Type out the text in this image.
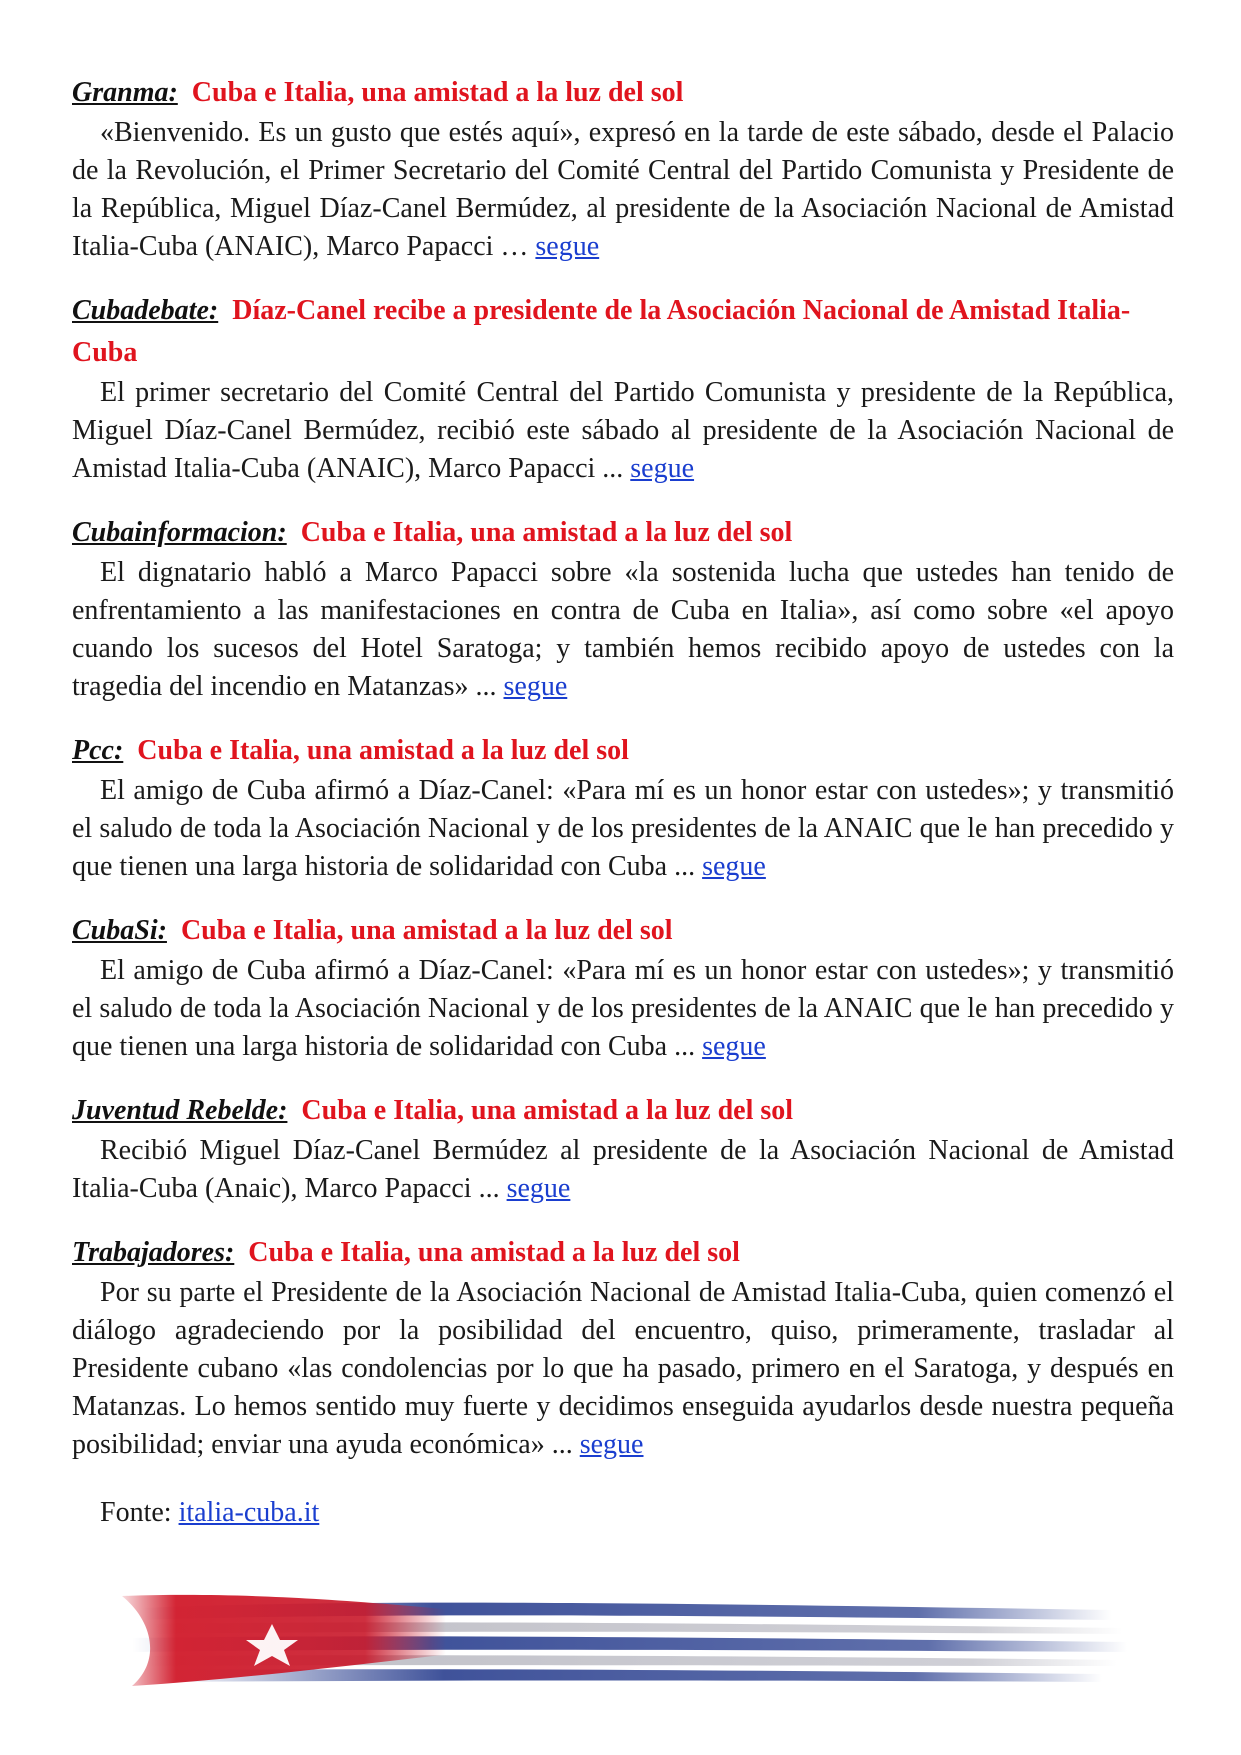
Granma: Cuba e Italia, una amistad a la luz del sol

«Bienvenido. Es un gusto que estés aquí», expresó en la tarde de este sábado, desde el Palacio de la Revolución, el Primer Secretario del Comité Central del Partido Comunista y Presidente de la República, Miguel Díaz-Canel Bermúdez, al presidente de la Asociación Nacional de Amistad Italia-Cuba (ANAIC), Marco Papacci … segue

Cubadebate: Díaz-Canel recibe a presidente de la Asociación Nacional de Amistad Italia-Cuba

El primer secretario del Comité Central del Partido Comunista y presidente de la República, Miguel Díaz-Canel Bermúdez, recibió este sábado al presidente de la Asociación Nacional de Amistad Italia-Cuba (ANAIC), Marco Papacci ... segue

Cubainformacion: Cuba e Italia, una amistad a la luz del sol

El dignatario habló a Marco Papacci sobre «la sostenida lucha que ustedes han tenido de enfrentamiento a las manifestaciones en contra de Cuba en Italia», así como sobre «el apoyo cuando los sucesos del Hotel Saratoga; y también hemos recibido apoyo de ustedes con la tragedia del incendio en Matanzas» ... segue

Pcc: Cuba e Italia, una amistad a la luz del sol

El amigo de Cuba afirmó a Díaz-Canel: «Para mí es un honor estar con ustedes»; y transmitió el saludo de toda la Asociación Nacional y de los presidentes de la ANAIC que le han precedido y que tienen una larga historia de solidaridad con Cuba ... segue

CubaSi: Cuba e Italia, una amistad a la luz del sol

El amigo de Cuba afirmó a Díaz-Canel: «Para mí es un honor estar con ustedes»; y transmitió el saludo de toda la Asociación Nacional y de los presidentes de la ANAIC que le han precedido y que tienen una larga historia de solidaridad con Cuba ... segue

Juventud Rebelde: Cuba e Italia, una amistad a la luz del sol

Recibió Miguel Díaz-Canel Bermúdez al presidente de la Asociación Nacional de Amistad Italia-Cuba (Anaic), Marco Papacci ... segue

Trabajadores: Cuba e Italia, una amistad a la luz del sol

Por su parte el Presidente de la Asociación Nacional de Amistad Italia-Cuba, quien comenzó el diálogo agradeciendo por la posibilidad del encuentro, quiso, primeramente, trasladar al Presidente cubano «las condolencias por lo que ha pasado, primero en el Saratoga, y después en Matanzas. Lo hemos sentido muy fuerte y decidimos enseguida ayudarlos desde nuestra pequeña posibilidad; enviar una ayuda económica» ... segue

Fonte: italia-cuba.it
